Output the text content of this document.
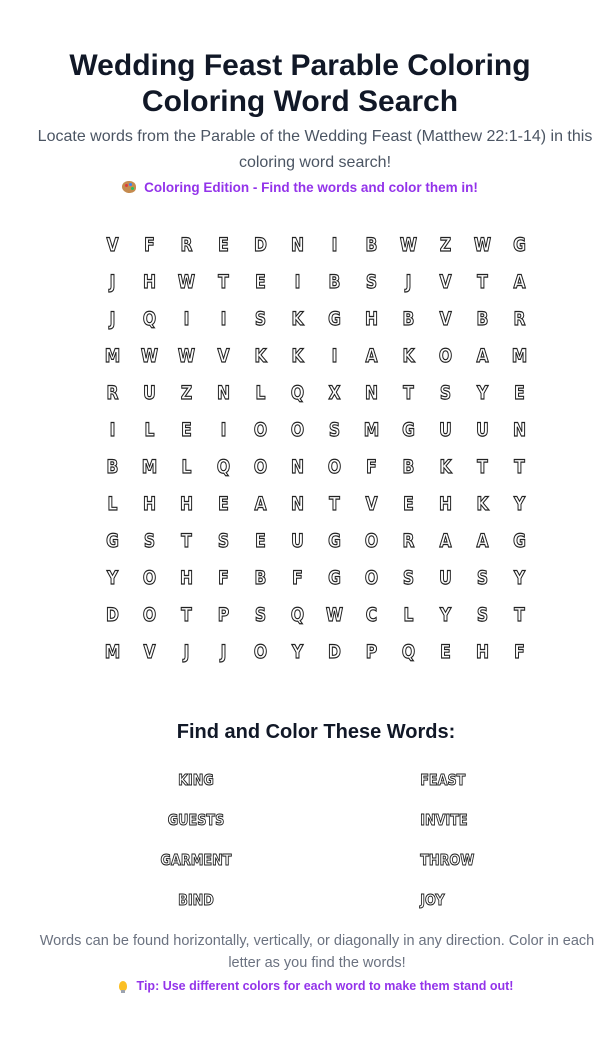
Wedding Feast Parable Coloring Coloring Word Search

Locate words from the Parable of the Wedding Feast (Matthew 22:1-14) in this coloring word search!

Coloring Edition - Find the words and color them in!
V	F	R	E	D	N	I	B	W	Z	W	G
J	H	W	T	E	I	B	S	J	V	T	A
J	Q	I	I	S	K	G	H	B	V	B	R
M	W	W	V	K	K	I	A	K	O	A	M
R	U	Z	N	L	Q	X	N	T	S	Y	E
I	L	E	I	O	O	S	M	G	U	U	N
B	M	L	Q	O	N	O	F	B	K	T	T
L	H	H	E	A	N	T	V	E	H	K	Y
G	S	T	S	E	U	G	O	R	A	A	G
Y	O	H	F	B	F	G	O	S	U	S	Y
D	O	T	P	S	Q	W	C	L	Y	S	T
M	V	J	J	O	Y	D	P	Q	E	H	F
Find and Color These Words:
KING	FEAST
GUESTS	INVITE
GARMENT	THROW
BIND	JOY

Words can be found horizontally, vertically, or diagonally in any direction. Color in each letter as you find the words!

Tip: Use different colors for each word to make them stand out!
